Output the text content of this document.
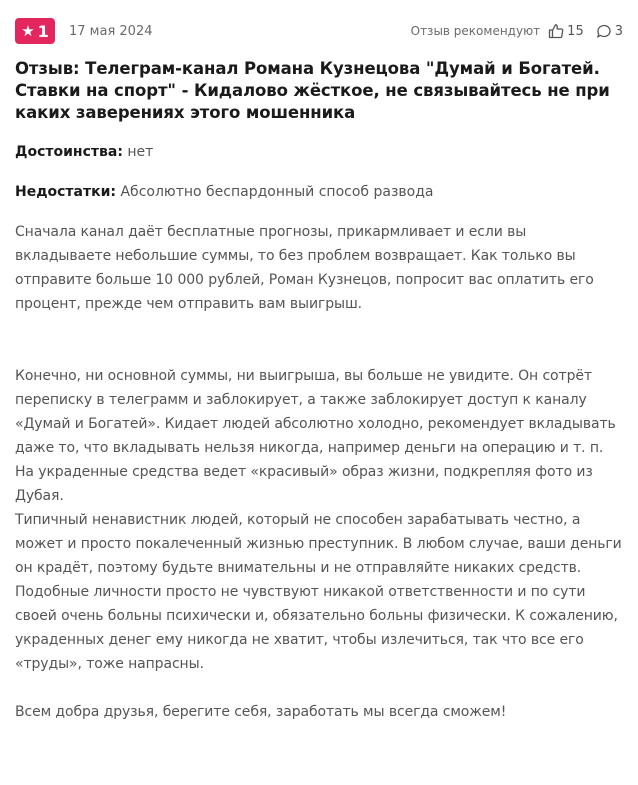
★ 1 17 мая 2024	Отзыв рекомендуют 15 3
Отзыв: Телеграм-канал Романа Кузнецова "Думай и Богатей. Ставки на спорт" - Кидалово жёсткое, не связывайтесь не при каких заверениях этого мошенника
Достоинства: нет
Недостатки: Абсолютно беспардонный способ развода

Сначала канал даёт бесплатные прогнозы, прикармливает и если вы вкладываете небольшие суммы, то без проблем возвращает. Как только вы отправите больше 10 000 рублей, Роман Кузнецов, попросит вас оплатить его процент, прежде чем отправить вам выигрыш.

Конечно, ни основной суммы, ни выигрыша, вы больше не увидите. Он сотрёт переписку в телеграмм и заблокирует, а также заблокирует доступ к каналу «Думай и Богатей». Кидает людей абсолютно холодно, рекомендует вкладывать даже то, что вкладывать нельзя никогда, например деньги на операцию и т. п.

На украденные средства ведет «красивый» образ жизни, подкрепляя фото из Дубая.

Типичный ненавистник людей, который не способен зарабатывать честно, а может и просто покалеченный жизнью преступник. В любом случае, ваши деньги он крадёт, поэтому будьте внимательны и не отправляйте никаких средств.

Подобные личности просто не чувствуют никакой ответственности и по сути своей очень больны психически и, обязательно больны физически. К сожалению, украденных денег ему никогда не хватит, чтобы излечиться, так что все его «труды», тоже напрасны.

Всем добра друзья, берегите себя, заработать мы всегда сможем!
